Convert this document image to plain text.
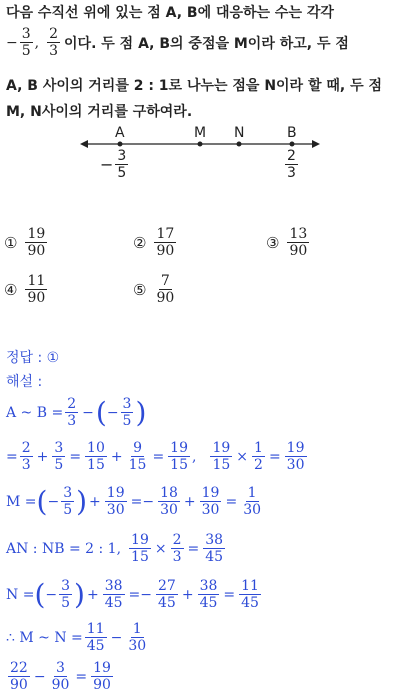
다음 수직선 위에 있는 점 A, B에 대응하는 수는 각각
− $\frac{3}{5}$ , $\frac{2}{3}$ 이다. 두 점 A, B의 중점을 M이라 하고, 두 점
A, B 사이의 거리를 2 : 1로 나누는 점을 N이라 할 때, 두 점
M, N사이의 거리를 구하여라.
A	M N	B
− $\frac{3}{5}$	$\frac{2}{3}$
① $\frac{19}{90}$	② $\frac{17}{90}$	③ $\frac{13}{90}$
④ $\frac{11}{90}$	⑤ $\frac{7}{90}$
정답 : ①
해설 :
A ~ $B = \frac{2}{3}$ − ( − $\frac{3}{5}$ )
= $\frac{2}{3} + \frac{3}{5} = \frac{10}{15} + \frac{9}{15} = \frac{19}{15}$ , $\frac{19}{15} \times \frac{1}{2} = \frac{19}{30}$
M = ( − $\frac{3}{5}$ ) + $\frac{19}{30} =- \frac{18}{30} + \frac{19}{30} = \frac{1}{30}$
AN : NB = 2 : 1, $\frac{19}{15} \times \frac{2}{3} = \frac{38}{45}$
N = ( − $\frac{3}{5}$ ) + $\frac{38}{45} =- \frac{27}{45} + \frac{38}{45} = \frac{11}{45}$
∴ M ~ $N = \frac{11}{45} - \frac{1}{30}$
$\frac{22}{90} - \frac{3}{90} = \frac{19}{90}$
